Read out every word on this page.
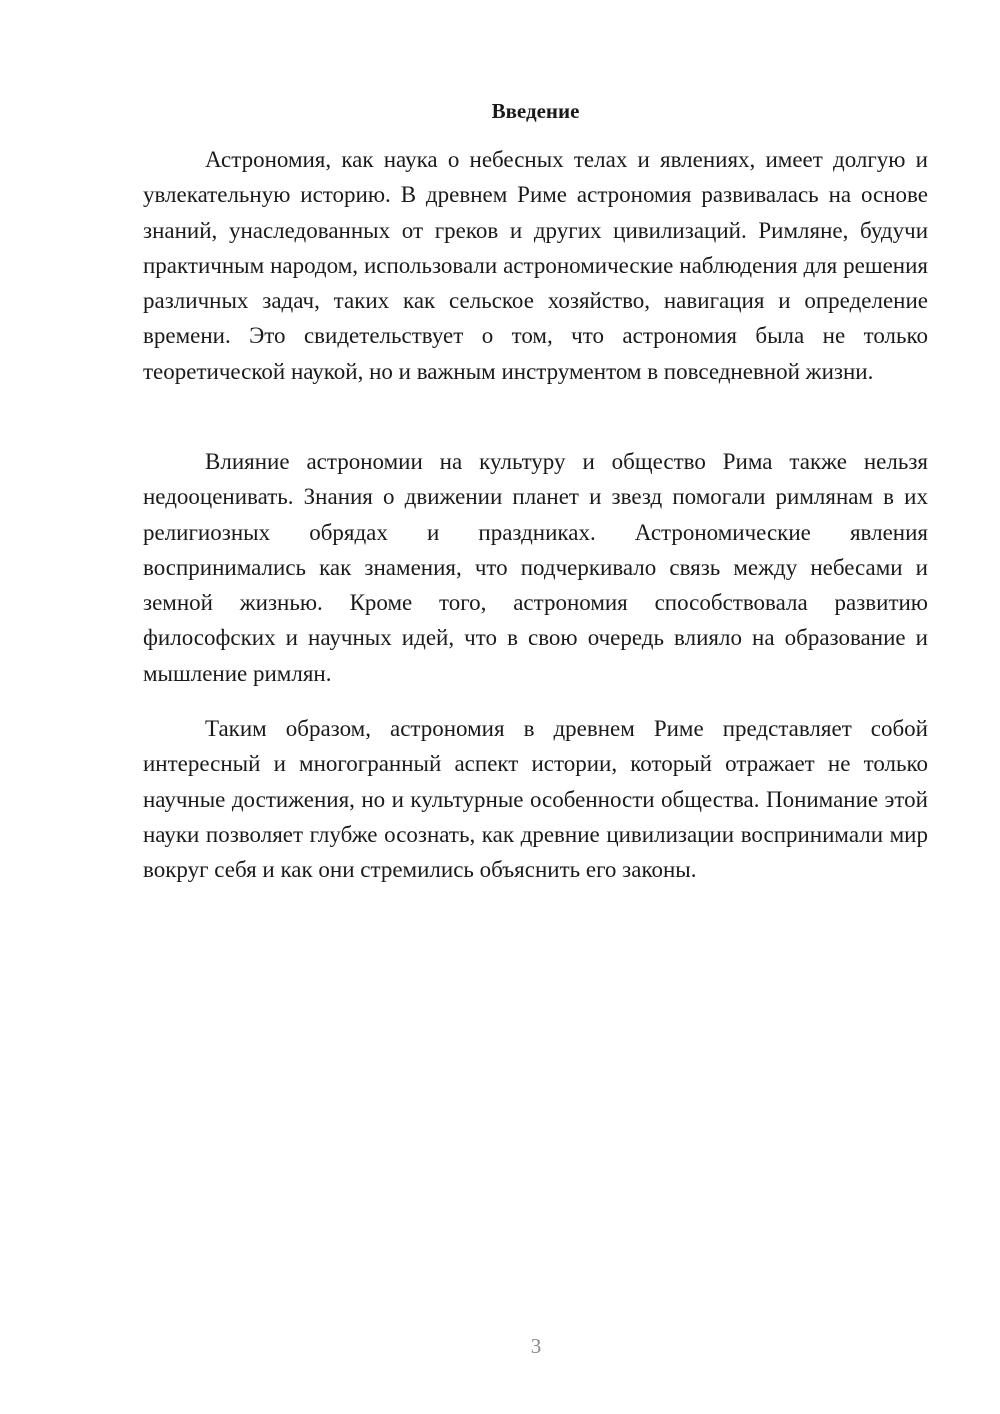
Введение

Астрономия, как наука о небесных телах и явлениях, имеет долгую и увлекательную историю. В древнем Риме астрономия развивалась на основе знаний, унаследованных от греков и других цивилизаций. Римляне, будучи практичным народом, использовали астрономические наблюдения для решения различных задач, таких как сельское хозяйство, навигация и определение времени. Это свидетельствует о том, что астрономия была не только теоретической наукой, но и важным инструментом в повседневной жизни.

Влияние астрономии на культуру и общество Рима также нельзя недооценивать. Знания о движении планет и звезд помогали римлянам в их религиозных обрядах и праздниках. Астрономические явления воспринимались как знамения, что подчеркивало связь между небесами и земной жизнью. Кроме того, астрономия способствовала развитию философских и научных идей, что в свою очередь влияло на образование и мышление римлян.

Таким образом, астрономия в древнем Риме представляет собой интересный и многогранный аспект истории, который отражает не только научные достижения, но и культурные особенности общества. Понимание этой науки позволяет глубже осознать, как древние цивилизации воспринимали мир вокруг себя и как они стремились объяснить его законы.

3
